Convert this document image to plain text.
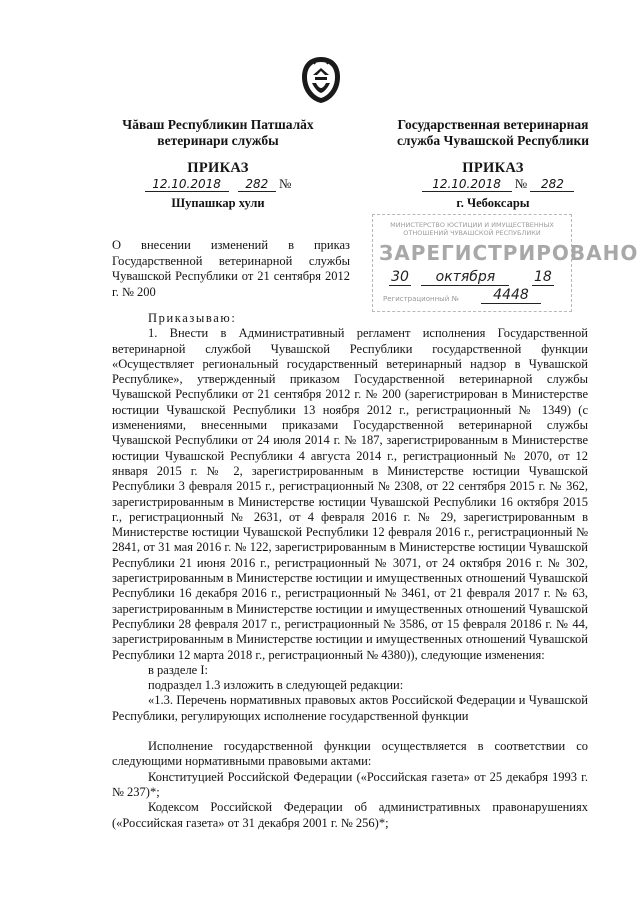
Чăваш Республикин Патшалăх
ветеринари службы
Государственная ветеринарная
служба Чувашской Республики
ПРИКАЗ	ПРИКАЗ
12.10.2018 282 №	12.10.2018 № 282
Шупашкар хули	г. Чебоксары
О внесении изменений в приказ Государственной ветеринарной службы Чувашской Республики от 21 сентября 2012 г. № 200
МИНИСТЕРСТВО ЮСТИЦИИ И ИМУЩЕСТВЕННЫХ ОТНОШЕНИЙ ЧУВАШСКОЙ РЕСПУБЛИКИ
ЗАРЕГИСТРИРОВАНО
30 октября	18
Регистрационный №	4448

Приказываю:

1. Внести в Административный регламент исполнения Государственной ветеринарной службой Чувашской Республики государственной функции «Осуществляет региональный государственный ветеринарный надзор в Чувашской Республике», утвержденный приказом Государственной ветеринарной службы Чувашской Республики от 21 сентября 2012 г. № 200 (зарегистрирован в Министерстве юстиции Чувашской Республики 13 ноября 2012 г., регистрационный № 1349) (с изменениями, внесенными приказами Государственной ветеринарной службы Чувашской Республики от 24 июля 2014 г. № 187, зарегистрированным в Министерстве юстиции Чувашской Республики 4 августа 2014 г., регистрационный № 2070, от 12 января 2015 г. № 2, зарегистрированным в Министерстве юстиции Чувашской Республики 3 февраля 2015 г., регистрационный № 2308, от 22 сентября 2015 г. № 362, зарегистрированным в Министерстве юстиции Чувашской Республики 16 октября 2015 г., регистрационный № 2631, от 4 февраля 2016 г. № 29, зарегистрированным в Министерстве юстиции Чувашской Республики 12 февраля 2016 г., регистрационный № 2841, от 31 мая 2016 г. № 122, зарегистрированным в Министерстве юстиции Чувашской Республики 21 июня 2016 г., регистрационный № 3071, от 24 октября 2016 г. № 302, зарегистрированным в Министерстве юстиции и имущественных отношений Чувашской Республики 16 декабря 2016 г., регистрационный № 3461, от 21 февраля 2017 г. № 63, зарегистрированным в Министерстве юстиции и имущественных отношений Чувашской Республики 28 февраля 2017 г., регистрационный № 3586, от 15 февраля 20186 г. № 44, зарегистрированным в Министерстве юстиции и имущественных отношений Чувашской Республики 12 марта 2018 г., регистрационный № 4380)), следующие изменения:

в разделе I:

подраздел 1.3 изложить в следующей редакции:

«1.3. Перечень нормативных правовых актов Российской Федерации и Чувашской Республики, регулирующих исполнение государственной функции

Исполнение государственной функции осуществляется в соответствии со следующими нормативными правовыми актами:

Конституцией Российской Федерации («Российская газета» от 25 декабря 1993 г. № 237)*;

Кодексом Российской Федерации об административных правонарушениях («Российская газета» от 31 декабря 2001 г. № 256)*;
